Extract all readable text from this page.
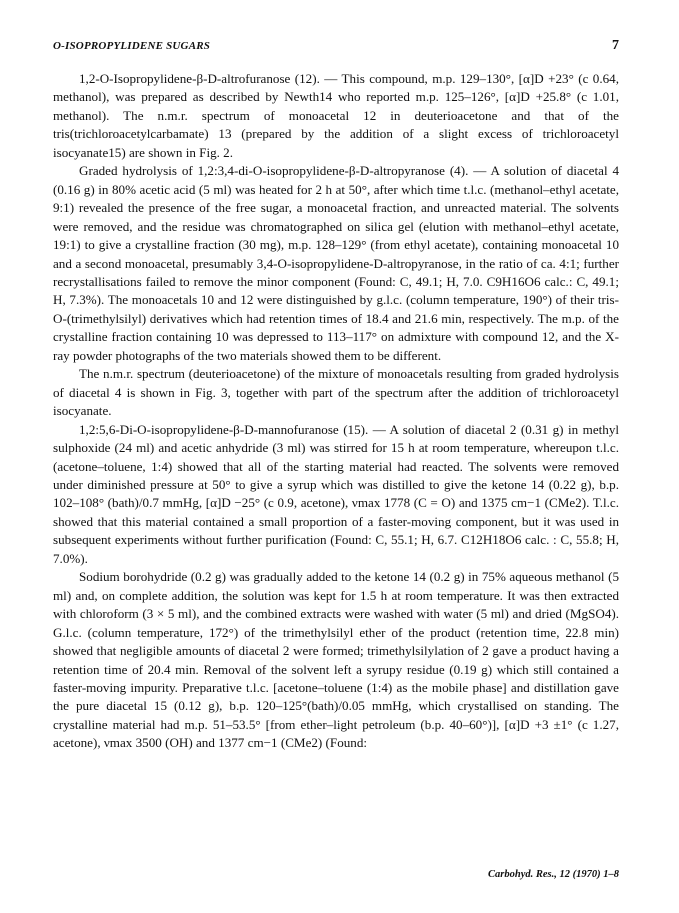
O-ISOPROPYLIDENE SUGARS	7

1,2-O-Isopropylidene-β-D-altrofuranose (12). — This compound, m.p. 129–130°, [α]D +23° (c 0.64, methanol), was prepared as described by Newth14 who reported m.p. 125–126°, [α]D +25.8° (c 1.01, methanol). The n.m.r. spectrum of monoacetal 12 in deuterioacetone and that of the tris(trichloroacetylcarbamate) 13 (prepared by the addition of a slight excess of trichloroacetyl isocyanate15) are shown in Fig. 2.

Graded hydrolysis of 1,2:3,4-di-O-isopropylidene-β-D-altropyranose (4). — A solution of diacetal 4 (0.16 g) in 80% acetic acid (5 ml) was heated for 2 h at 50°, after which time t.l.c. (methanol–ethyl acetate, 9:1) revealed the presence of the free sugar, a monoacetal fraction, and unreacted material. The solvents were removed, and the residue was chromatographed on silica gel (elution with methanol–ethyl acetate, 19:1) to give a crystalline fraction (30 mg), m.p. 128–129° (from ethyl acetate), containing monoacetal 10 and a second monoacetal, presumably 3,4-O-isopropylidene-D-altropyranose, in the ratio of ca. 4:1; further recrystallisations failed to remove the minor component (Found: C, 49.1; H, 7.0. C9H16O6 calc.: C, 49.1; H, 7.3%). The monoacetals 10 and 12 were distinguished by g.l.c. (column temperature, 190°) of their tris-O-(trimethylsilyl) derivatives which had retention times of 18.4 and 21.6 min, respectively. The m.p. of the crystalline fraction containing 10 was depressed to 113–117° on admixture with compound 12, and the X-ray powder photographs of the two materials showed them to be different.

The n.m.r. spectrum (deuterioacetone) of the mixture of monoacetals resulting from graded hydrolysis of diacetal 4 is shown in Fig. 3, together with part of the spectrum after the addition of trichloroacetyl isocyanate.

1,2:5,6-Di-O-isopropylidene-β-D-mannofuranose (15). — A solution of diacetal 2 (0.31 g) in methyl sulphoxide (24 ml) and acetic anhydride (3 ml) was stirred for 15 h at room temperature, whereupon t.l.c. (acetone–toluene, 1:4) showed that all of the starting material had reacted. The solvents were removed under diminished pressure at 50° to give a syrup which was distilled to give the ketone 14 (0.22 g), b.p. 102–108° (bath)/0.7 mmHg, [α]D −25° (c 0.9, acetone), νmax 1778 (C = O) and 1375 cm−1 (CMe2). T.l.c. showed that this material contained a small proportion of a faster-moving component, but it was used in subsequent experiments without further purification (Found: C, 55.1; H, 6.7. C12H18O6 calc. : C, 55.8; H, 7.0%).

Sodium borohydride (0.2 g) was gradually added to the ketone 14 (0.2 g) in 75% aqueous methanol (5 ml) and, on complete addition, the solution was kept for 1.5 h at room temperature. It was then extracted with chloroform (3 × 5 ml), and the combined extracts were washed with water (5 ml) and dried (MgSO4). G.l.c. (column temperature, 172°) of the trimethylsilyl ether of the product (retention time, 22.8 min) showed that negligible amounts of diacetal 2 were formed; trimethylsilylation of 2 gave a product having a retention time of 20.4 min. Removal of the solvent left a syrupy residue (0.19 g) which still contained a faster-moving impurity. Preparative t.l.c. [acetone–toluene (1:4) as the mobile phase] and distillation gave the pure diacetal 15 (0.12 g), b.p. 120–125°(bath)/0.05 mmHg, which crystallised on standing. The crystalline material had m.p. 51–53.5° [from ether–light petroleum (b.p. 40–60°)], [α]D +3 ±1° (c 1.27, acetone), νmax 3500 (OH) and 1377 cm−1 (CMe2) (Found:

Carbohyd. Res., 12 (1970) 1–8
